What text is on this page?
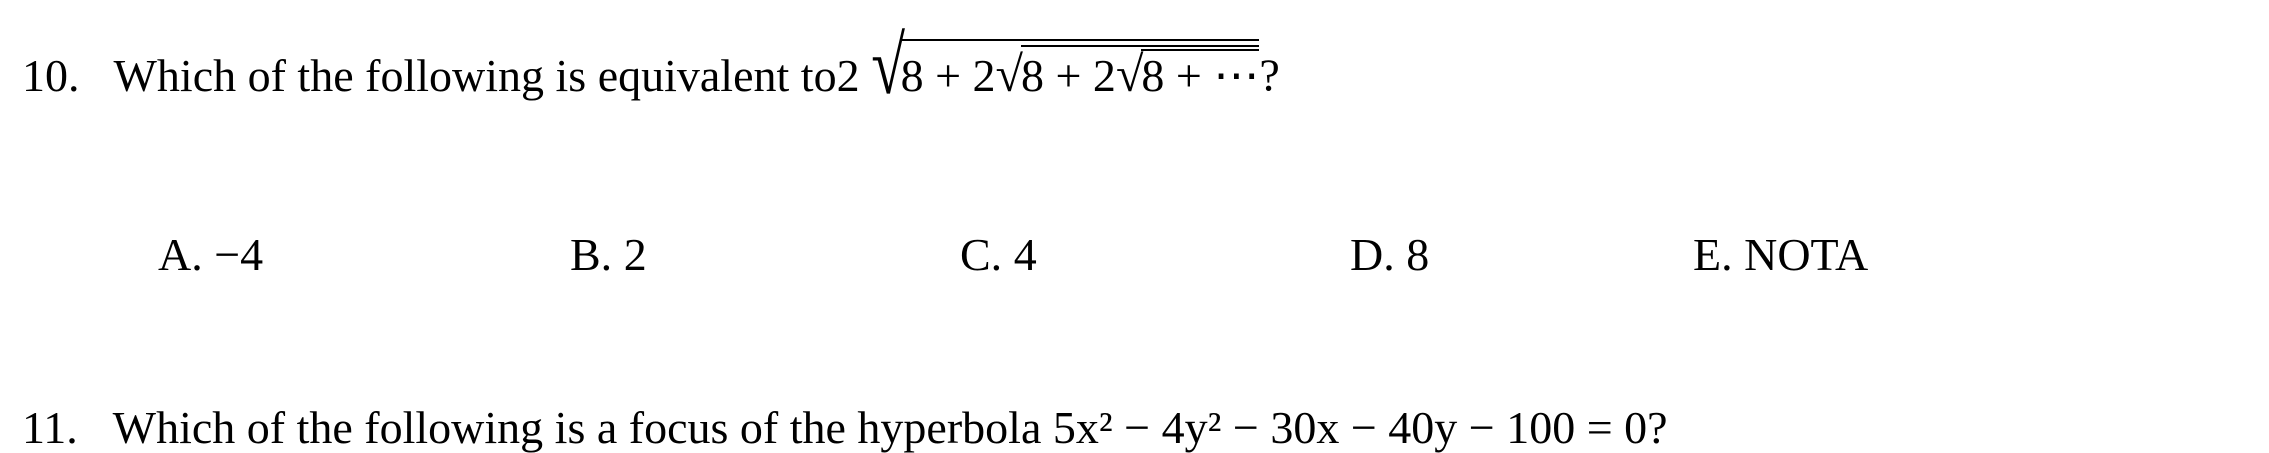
10. Which of the following is equivalent to2 √8 + 2√8 + 2√8 + ⋯?
A. −4	B. 2	C. 4	D. 8	E. NOTA
11. Which of the following is a focus of the hyperbola 5x² − 4y² − 30x − 40y − 100 = 0?
